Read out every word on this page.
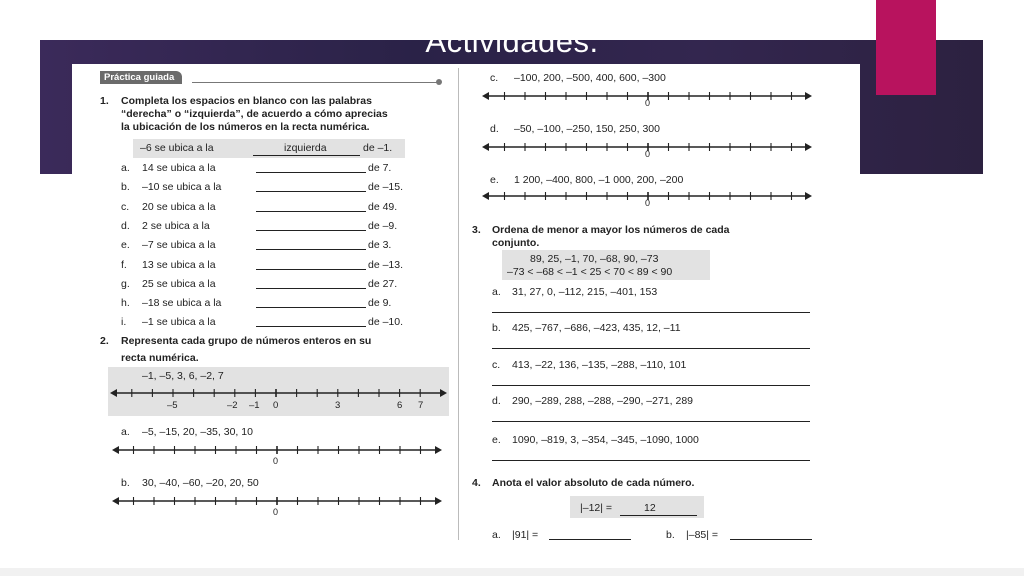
Actividades.
Práctica guiada
1. Completa los espacios en blanco con las palabras
“derecha” o “izquierda”, de acuerdo a cómo aprecias
la ubicación de los números en la recta numérica.
–6 se ubica a la	izquierda	de –1.
a. 14 se ubica a la	de 7.
b. –10 se ubica a la	de –15.
c. 20 se ubica a la	de 49.
d. 2 se ubica a la	de –9.
e. –7 se ubica a la	de 3.
f. 13 se ubica a la	de –13.
g. 25 se ubica a la	de 27.
h. –18 se ubica a la	de 9.
i. –1 se ubica a la	de –10.
2. Representa cada grupo de números enteros en su
recta numérica.
–1, –5, 3, 6, –2, 7
–5	–2 –1 0	3	6 7
a. –5, –15, 20, –35, 30, 10
0
b. 30, –40, –60, –20, 20, 50
0
c. –100, 200, –500, 400, 600, –300
0
d. –50, –100, –250, 150, 250, 300
0
e. 1 200, –400, 800, –1 000, 200, –200
0
3. Ordena de menor a mayor los números de cada
conjunto.
89, 25, –1, 70, –68, 90, –73
–73 < –68 < –1 < 25 < 70 < 89 < 90
a. 31, 27, 0, –112, 215, –401, 153
b. 425, –767, –686, –423, 435, 12, –11
c. 413, –22, 136, –135, –288, –110, 101
d. 290, –289, 288, –288, –290, –271, 289
e. 1090, –819, 3, –354, –345, –1090, 1000
4. Anota el valor absoluto de cada número.
|–12| =	12
a. |91| =	b. |–85| =
